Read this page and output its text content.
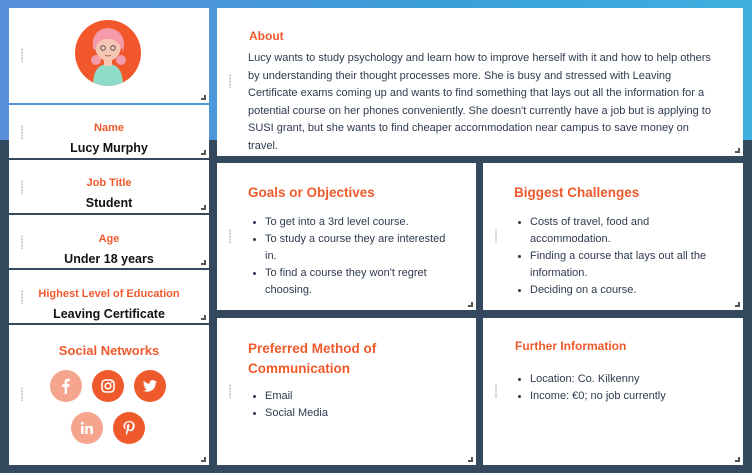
Name
Lucy Murphy
Job Title
Student
Age
Under 18 years
Highest Level of Education
Leaving Certificate
Social Networks
About
Lucy wants to study psychology and learn how to improve herself with it and how to help others by understanding their thought processes more. She is busy and stressed with Leaving Certificate exams coming up and wants to find something that lays out all the information for a potential course on her phones conveniently. She doesn't currently have a job but is applying to SUSI grant, but she wants to find cheaper accommodation near campus to save money on travel.
Goals or Objectives
To get into a 3rd level course.
To study a course they are interested in.
To find a course they won't regret choosing.
Biggest Challenges
Costs of travel, food and accommodation.
Finding a course that lays out all the information.
Deciding on a course.
Preferred Method of Communication
Email
Social Media
Further Information
Location: Co. Kilkenny
Income: €0; no job currently
